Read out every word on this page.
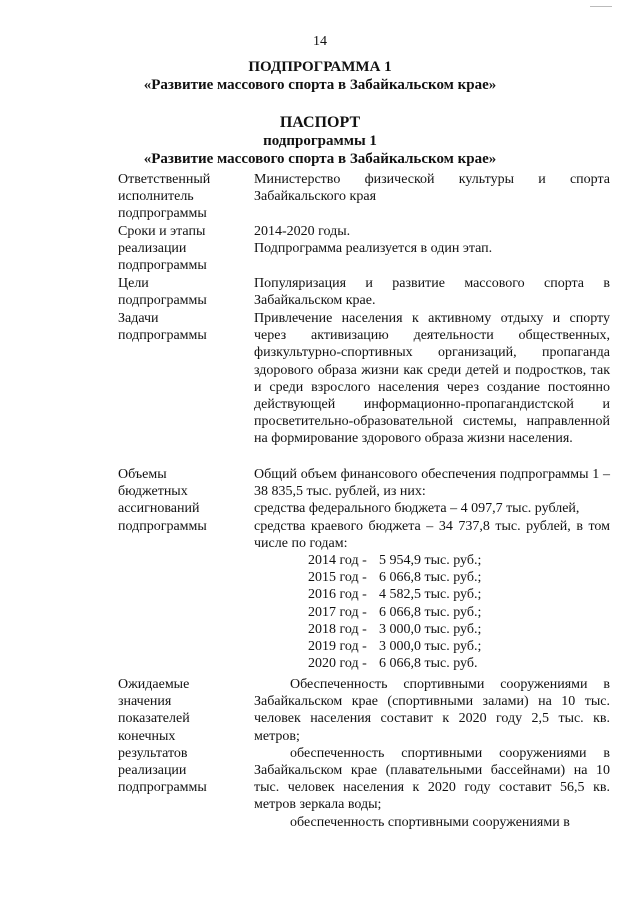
14
ПОДПРОГРАММА 1
«Развитие массового спорта в Забайкальском крае»
ПАСПОРТ
подпрограммы 1
«Развитие массового спорта в Забайкальском крае»
Ответственный
исполнитель
подпрограммы

Министерство физической культуры и спорта Забайкальского края

Сроки и этапы
реализации
подпрограммы

2014-2020 годы.

Подпрограмма реализуется в один этап.

Цели
подпрограммы

Популяризация и развитие массового спорта в Забайкальском крае.

Задачи
подпрограммы

Привлечение населения к активному отдыху и спорту через активизацию деятельности общественных, физкультурно-спортивных организаций, пропаганда здорового образа жизни как среди детей и подростков, так и среди взрослого населения через создание постоянно действующей информационно-пропагандистской и просветительно-образовательной системы, направленной на формирование здорового образа жизни населения.

Объемы
бюджетных
ассигнований
подпрограммы

Общий объем финансового обеспечения подпрограммы 1 – 38 835,5 тыс. рублей, из них:

средства федерального бюджета – 4 097,7 тыс. рублей,

средства краевого бюджета – 34 737,8 тыс. рублей, в том числе по годам:

2014 год - 5 954,9 тыс. руб.;
2015 год - 6 066,8 тыс. руб.;
2016 год - 4 582,5 тыс. руб.;
2017 год - 6 066,8 тыс. руб.;
2018 год - 3 000,0 тыс. руб.;
2019 год - 3 000,0 тыс. руб.;
2020 год - 6 066,8 тыс. руб.
Ожидаемые
значения
показателей
конечных
результатов
реализации
подпрограммы

Обеспеченность спортивными сооружениями в Забайкальском крае (спортивными залами) на 10 тыс. человек населения составит к 2020 году 2,5 тыс. кв. метров;

обеспеченность спортивными сооружениями в Забайкальском крае (плавательными бассейнами) на 10 тыс. человек населения к 2020 году составит 56,5 кв. метров зеркала воды;

обеспеченность спортивными сооружениями в
